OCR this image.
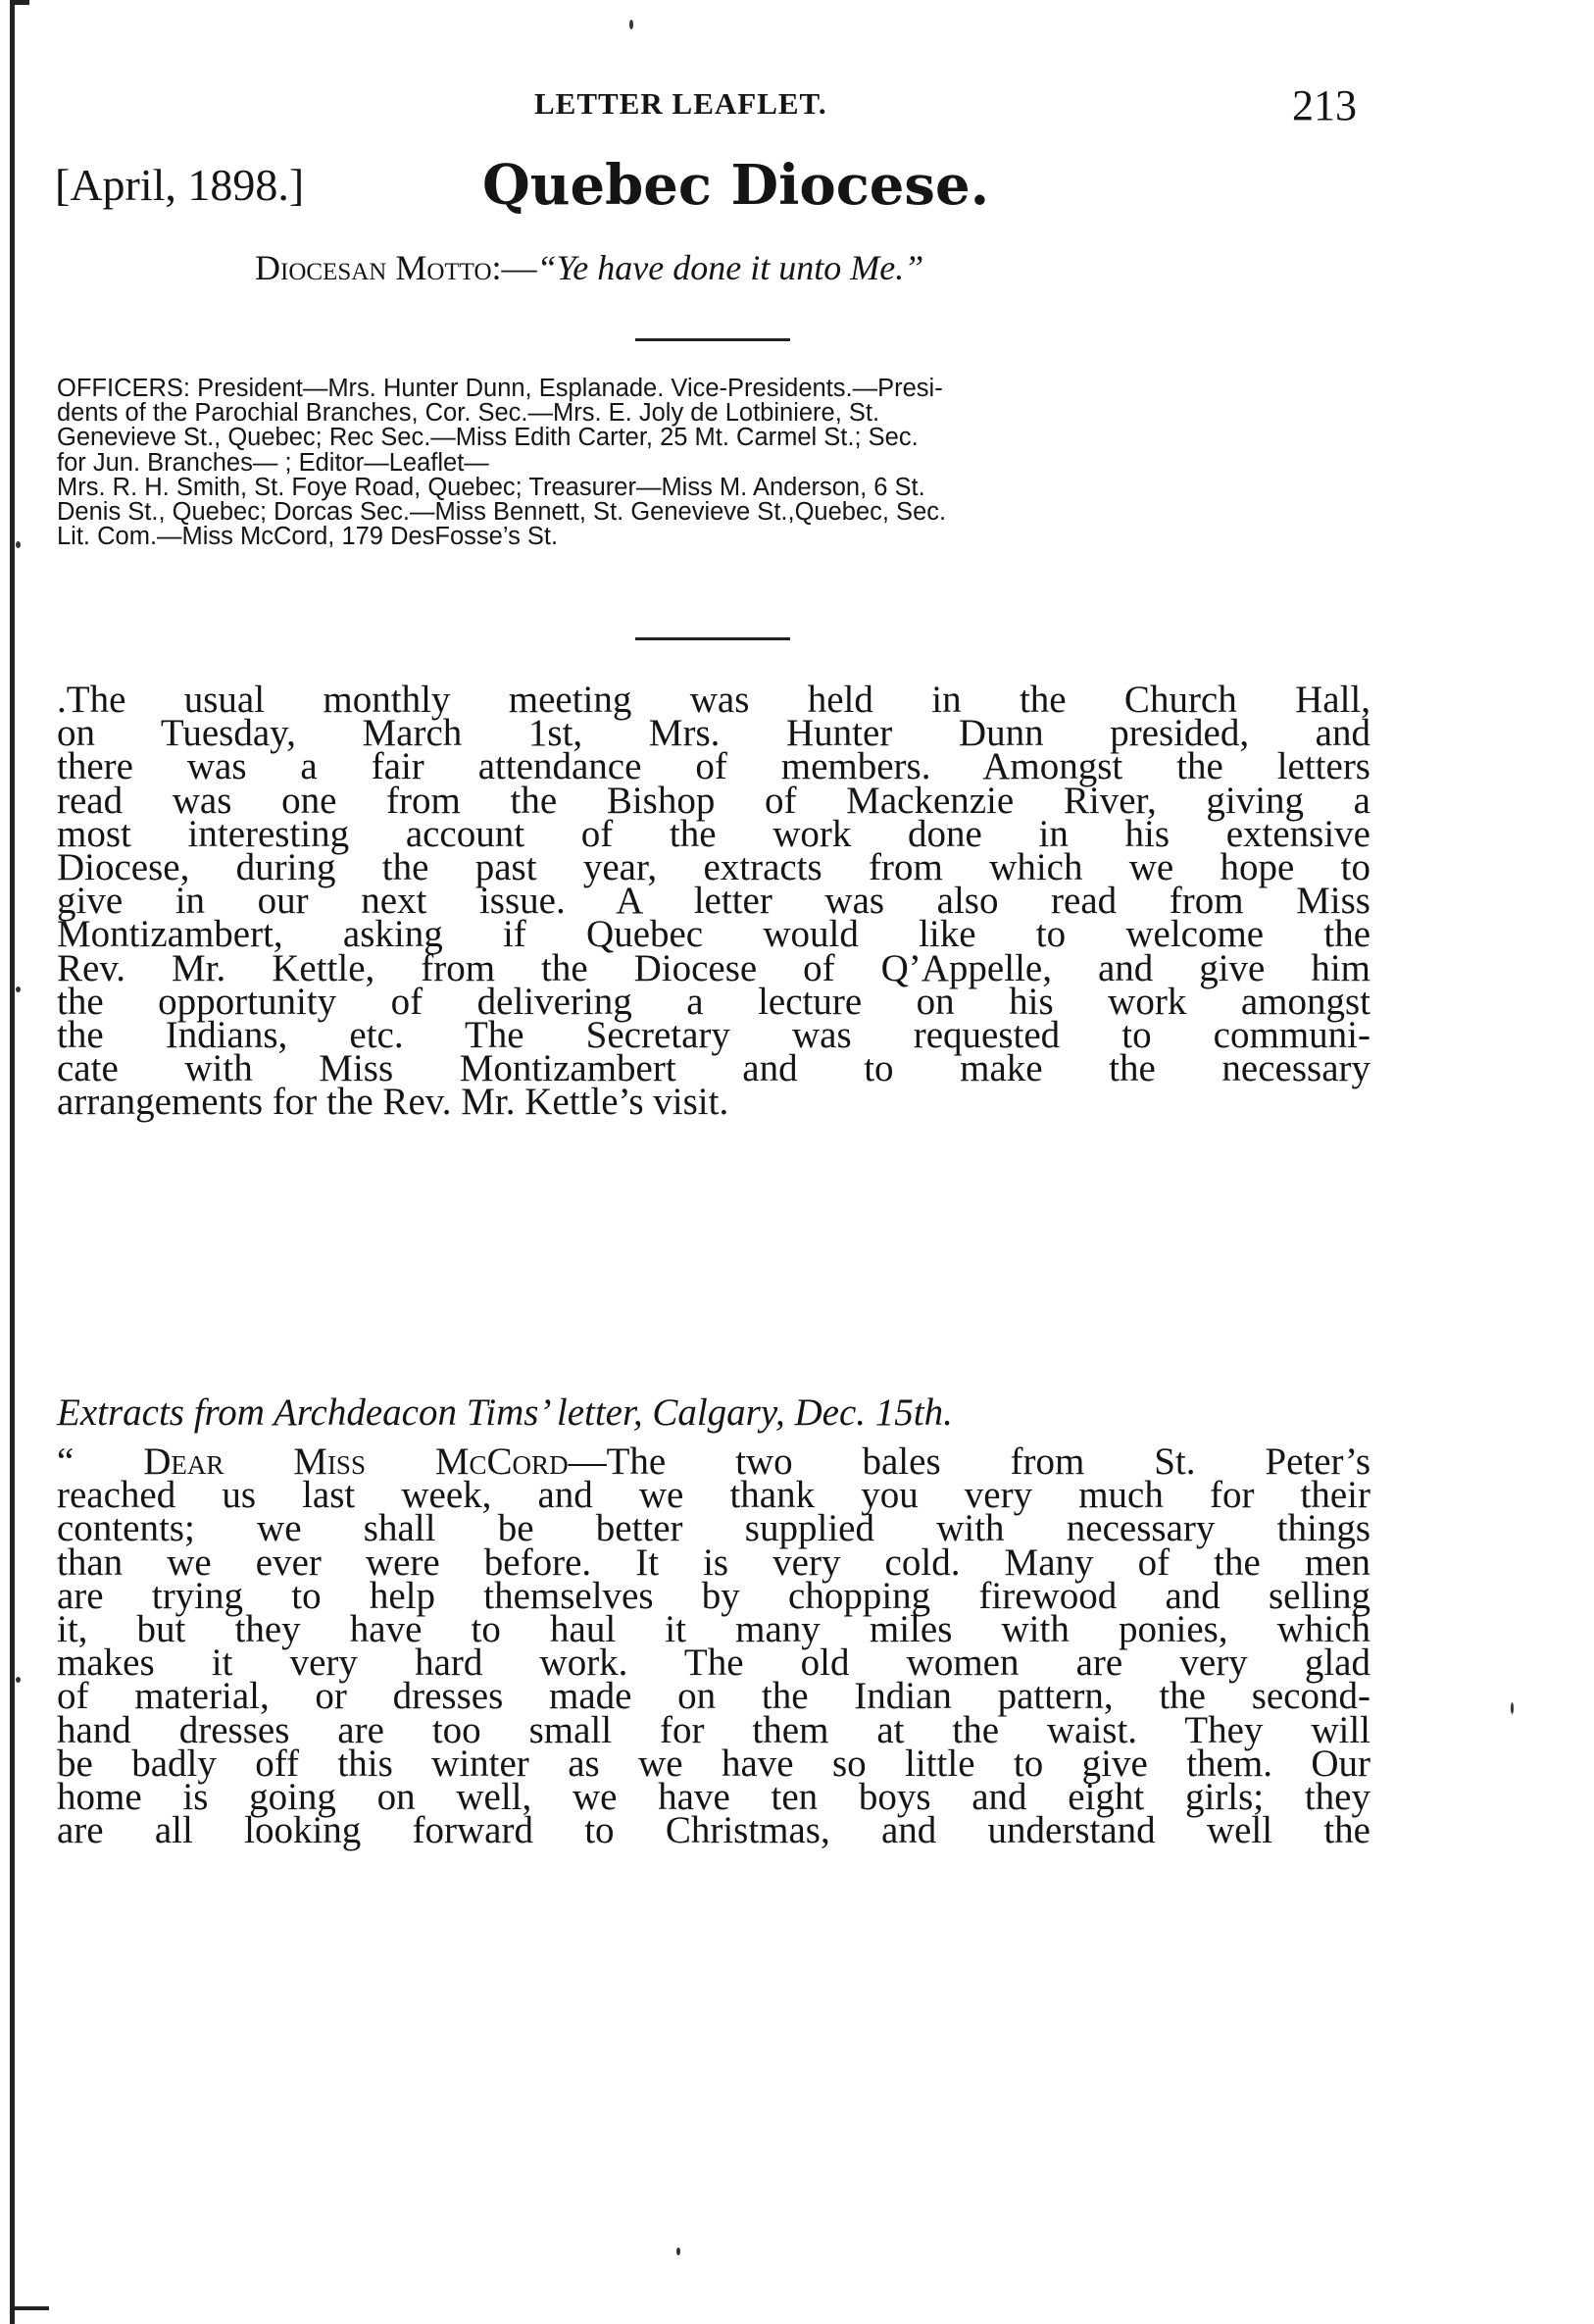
LETTER LEAFLET.	213
[April, 1898.]	Quebec Diocese.
Diocesan Motto:—“Ye have done it unto Me.”
OFFICERS: President—Mrs. Hunter Dunn, Esplanade. Vice-Presidents.—Presi-
dents of the Parochial Branches, Cor. Sec.—Mrs. E. Joly de Lotbiniere, St.
Genevieve St., Quebec; Rec Sec.—Miss Edith Carter, 25 Mt. Carmel St.; Sec.
for Jun. Branches— ; Editor—Leaflet—
Mrs. R. H. Smith, St. Foye Road, Quebec; Treasurer—Miss M. Anderson, 6 St.
Denis St., Quebec; Dorcas Sec.—Miss Bennett, St. Genevieve St.,Quebec, Sec.
Lit. Com.—Miss McCord, 179 DesFosse’s St.
.The usual monthly meeting was held in the Church Hall,
on Tuesday, March 1st, Mrs. Hunter Dunn presided, and
there was a fair attendance of members. Amongst the letters
read was one from the Bishop of Mackenzie River, giving a
most interesting account of the work done in his extensive
Diocese, during the past year, extracts from which we hope to
give in our next issue. A letter was also read from Miss
Montizambert, asking if Quebec would like to welcome the
Rev. Mr. Kettle, from the Diocese of Q’Appelle, and give him
the opportunity of delivering a lecture on his work amongst
the Indians, etc. The Secretary was requested to communi-
cate with Miss Montizambert and to make the necessary
arrangements for the Rev. Mr. Kettle’s visit.
Extracts from Archdeacon Tims’ letter, Calgary, Dec. 15th.
“ Dear Miss McCord—The two bales from St. Peter’s
reached us last week, and we thank you very much for their
contents; we shall be better supplied with necessary things
than we ever were before. It is very cold. Many of the men
are trying to help themselves by chopping firewood and selling
it, but they have to haul it many miles with ponies, which
makes it very hard work. The old women are very glad
of material, or dresses made on the Indian pattern, the second-
hand dresses are too small for them at the waist. They will
be badly off this winter as we have so little to give them. Our
home is going on well, we have ten boys and eight girls; they
are all looking forward to Christmas, and understand well the
